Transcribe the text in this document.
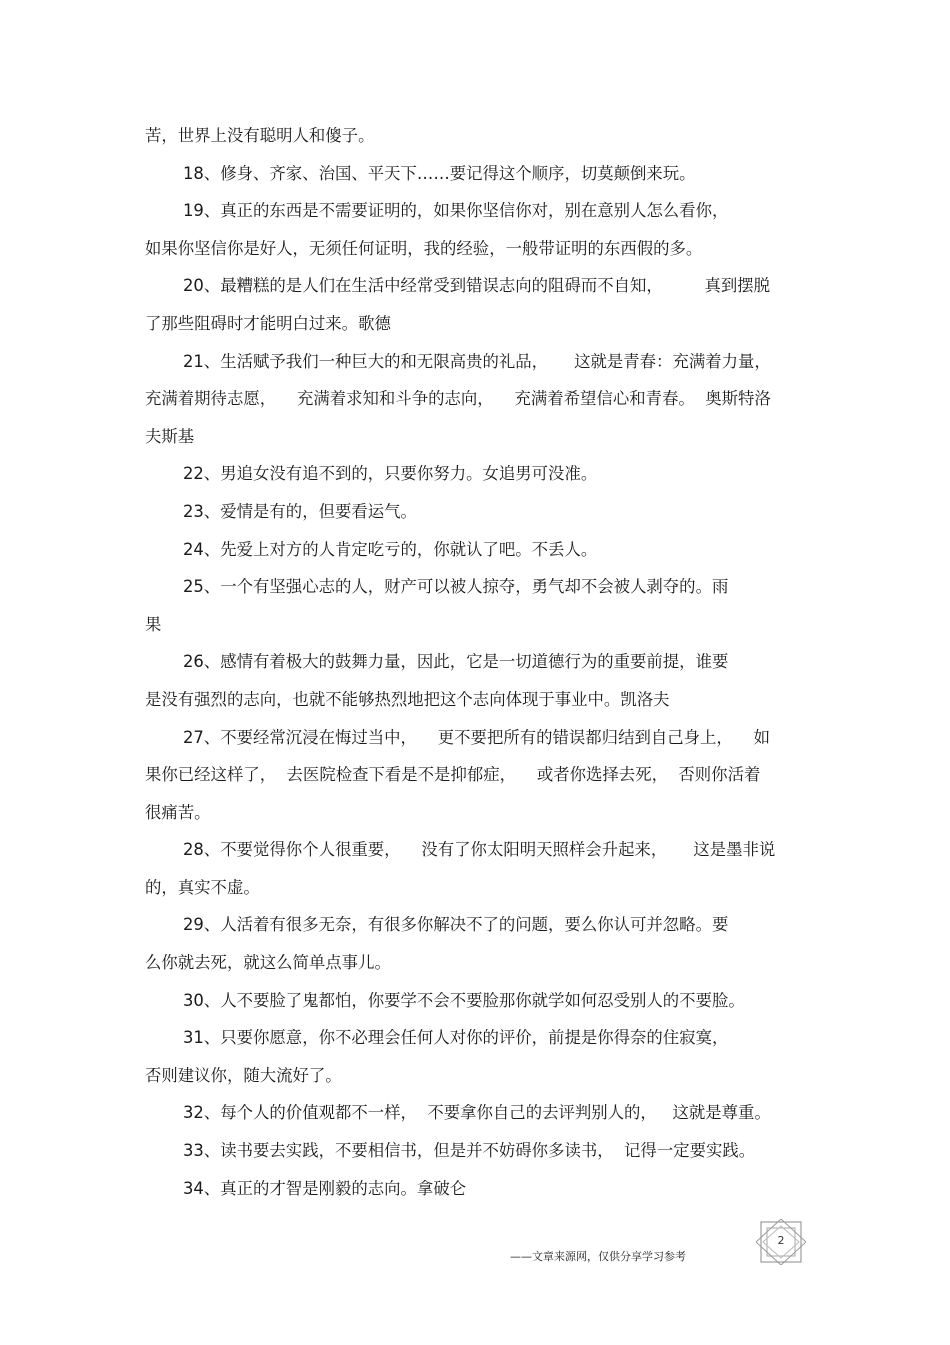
苦，世界上没有聪明人和傻子。
18、修身、齐家、治国、平天下……要记得这个顺序，切莫颠倒来玩。
19、真正的东西是不需要证明的，如果你坚信你对，别在意别人怎么看你，
如果你坚信你是好人，无须任何证明，我的经验，一般带证明的东西假的多。
20、最糟糕的是人们在生活中经常受到错误志向的阻碍而不自知，        真到摆脱
了那些阻碍时才能明白过来。歌德
21、生活赋予我们一种巨大的和无限高贵的礼品，     这就是青春：充满着力量，
充满着期待志愿，    充满着求知和斗争的志向，    充满着希望信心和青春。  奥斯特洛
夫斯基
22、男追女没有追不到的，只要你努力。女追男可没准。
23、爱情是有的，但要看运气。
24、先爱上对方的人肯定吃亏的，你就认了吧。不丢人。
25、一个有坚强心志的人，财产可以被人掠夺，勇气却不会被人剥夺的。雨
果
26、感情有着极大的鼓舞力量，因此，它是一切道德行为的重要前提，谁要
是没有强烈的志向，也就不能够热烈地把这个志向体现于事业中。凯洛夫
27、不要经常沉浸在悔过当中，    更不要把所有的错误都归结到自己身上，    如
果你已经这样了，  去医院检查下看是不是抑郁症，    或者你选择去死，  否则你活着
很痛苦。
28、不要觉得你个人很重要，    没有了你太阳明天照样会升起来，     这是墨非说
的，真实不虚。
29、人活着有很多无奈，有很多你解决不了的问题，要么你认可并忽略。要
么你就去死，就这么简单点事儿。
30、人不要脸了鬼都怕，你要学不会不要脸那你就学如何忍受别人的不要脸。
31、只要你愿意，你不必理会任何人对你的评价，前提是你得奈的住寂寞，
否则建议你，随大流好了。
32、每个人的价值观都不一样，  不要拿你自己的去评判别人的，   这就是尊重。
33、读书要去实践，不要相信书，但是并不妨碍你多读书，  记得一定要实践。
34、真正的才智是刚毅的志向。拿破仑
——文章来源网，仅供分享学习参考
2
